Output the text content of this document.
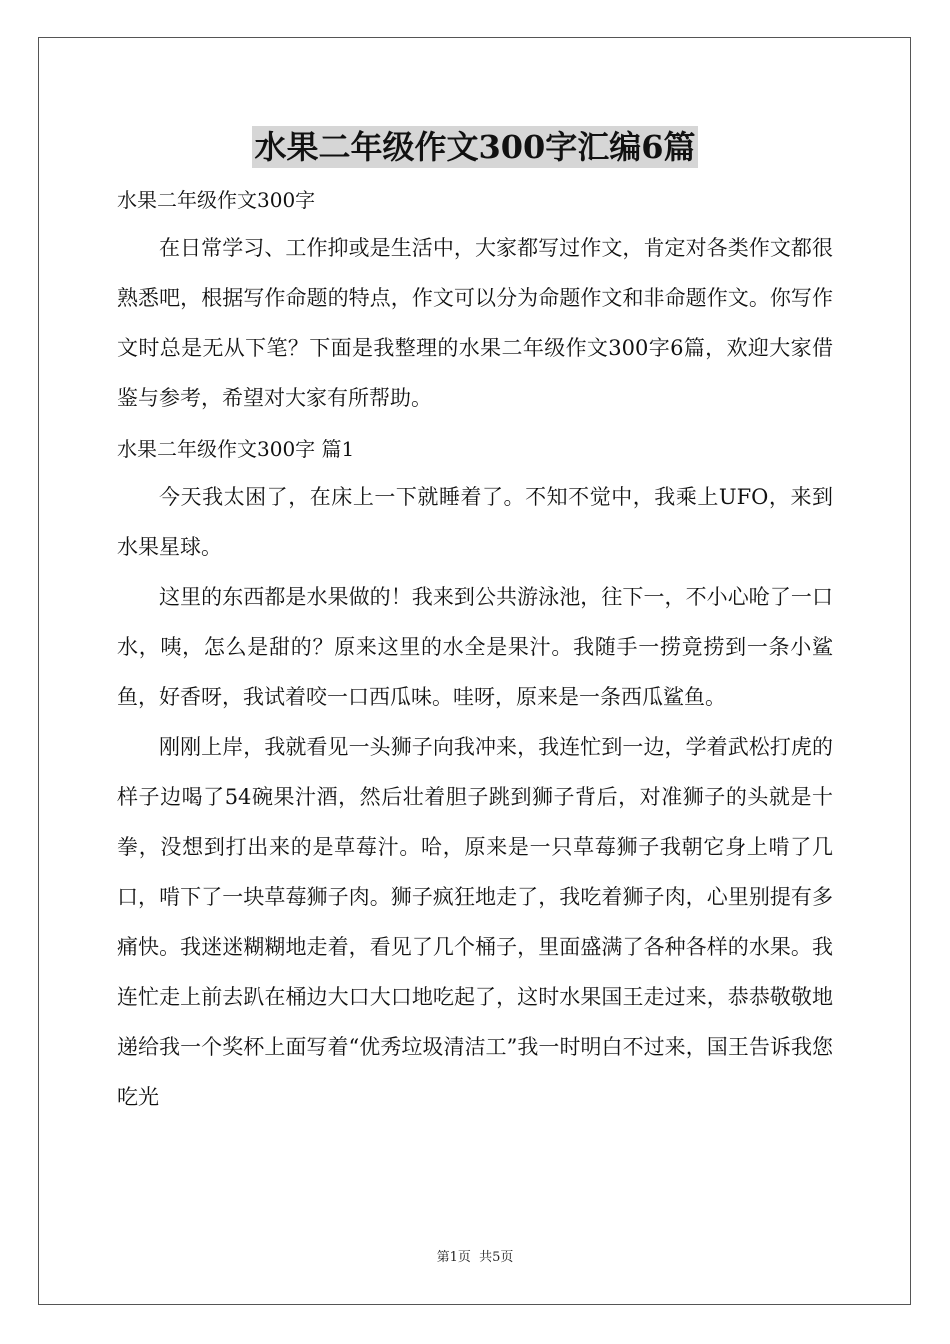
水果二年级作文300字汇编6篇

水果二年级作文300字

在日常学习、工作抑或是生活中，大家都写过作文，肯定对各类作文都很熟悉吧，根据写作命题的特点，作文可以分为命题作文和非命题作文。你写作文时总是无从下笔？下面是我整理的水果二年级作文300字6篇，欢迎大家借鉴与参考，希望对大家有所帮助。

水果二年级作文300字 篇1

今天我太困了，在床上一下就睡着了。不知不觉中，我乘上UFO，来到水果星球。

这里的东西都是水果做的！我来到公共游泳池，往下一，不小心呛了一口水，咦，怎么是甜的？原来这里的水全是果汁。我随手一捞竟捞到一条小鲨鱼，好香呀，我试着咬一口西瓜味。哇呀，原来是一条西瓜鲨鱼。

刚刚上岸，我就看见一头狮子向我冲来，我连忙到一边，学着武松打虎的样子边喝了54碗果汁酒，然后壮着胆子跳到狮子背后，对准狮子的头就是十拳，没想到打出来的是草莓汁。哈，原来是一只草莓狮子我朝它身上啃了几口，啃下了一块草莓狮子肉。狮子疯狂地走了，我吃着狮子肉，心里别提有多痛快。我迷迷糊糊地走着，看见了几个桶子，里面盛满了各种各样的水果。我连忙走上前去趴在桶边大口大口地吃起了，这时水果国王走过来，恭恭敬敬地递给我一个奖杯上面写着“优秀垃圾清洁工”我一时明白不过来，国王告诉我您吃光

第1页 共5页
